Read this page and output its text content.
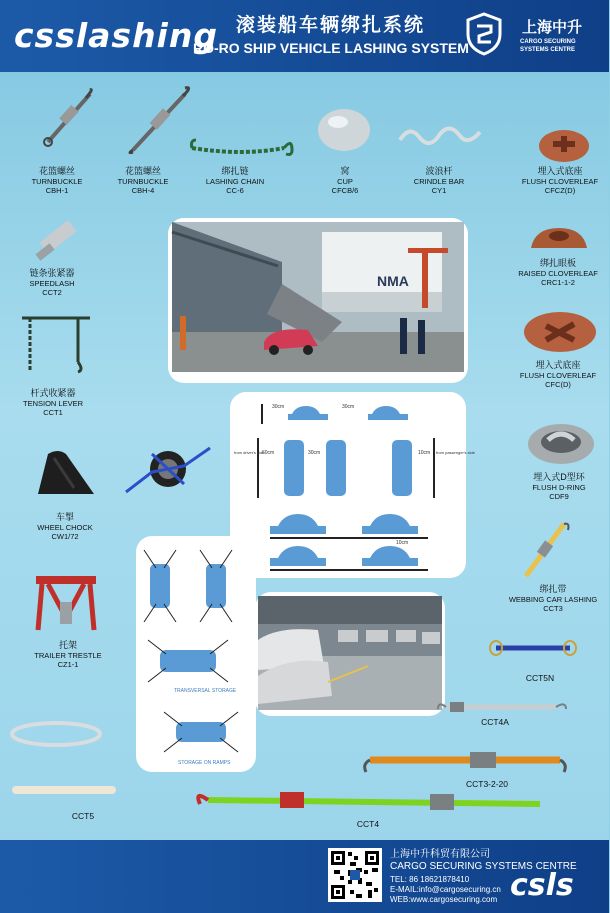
csslashing 滚装船车辆绑扎系统
RO-RO SHIP VEHICLE LASHING SYSTEM
上海中升
CARGO SECURING
SYSTEMS CENTRE
花篮螺丝
TURNBUCKLE
CBH-1
花篮螺丝
TURNBUCKLE
CBH-4
绑扎链
LASHING CHAIN
CC-6
窝
CUP
CFCB/6
波浪杆
CRINDLE BAR
CY1
埋入式底座
FLUSH CLOVERLEAF
CFCZ(D)
链条张紧器
SPEEDLASH
CCT2
杆式收紧器
TENSION LEVER
CCT1
车掣
WHEEL CHOCK
CW1/72
托架
TRAILER TRESTLE
CZ1-1
NMA
绑扎眼板
RAISED CLOVERLEAF
CRC1-1-2
埋入式底座
FLUSH CLOVERLEAF
CFC(D)
埋入式D型环
FLUSH D-RING
CDF9
绑扎带
WEBBING CAR LASHING
CCT3
30cm	30cm
from driver's side	from passenger's side
60cm	30cm	10cm
10cm
TRANSVERSAL STORAGE
STORAGE ON RAMPS
CCT5N
CCT4A
CCT3-2-20
CCT5
CCT4
上海中升科贸有限公司
CARGO SECURING SYSTEMS CENTRE
TEL: 86 18621878410
E-MAIL:info@cargosecuring.cn
WEB:www.cargosecuring.com csls
